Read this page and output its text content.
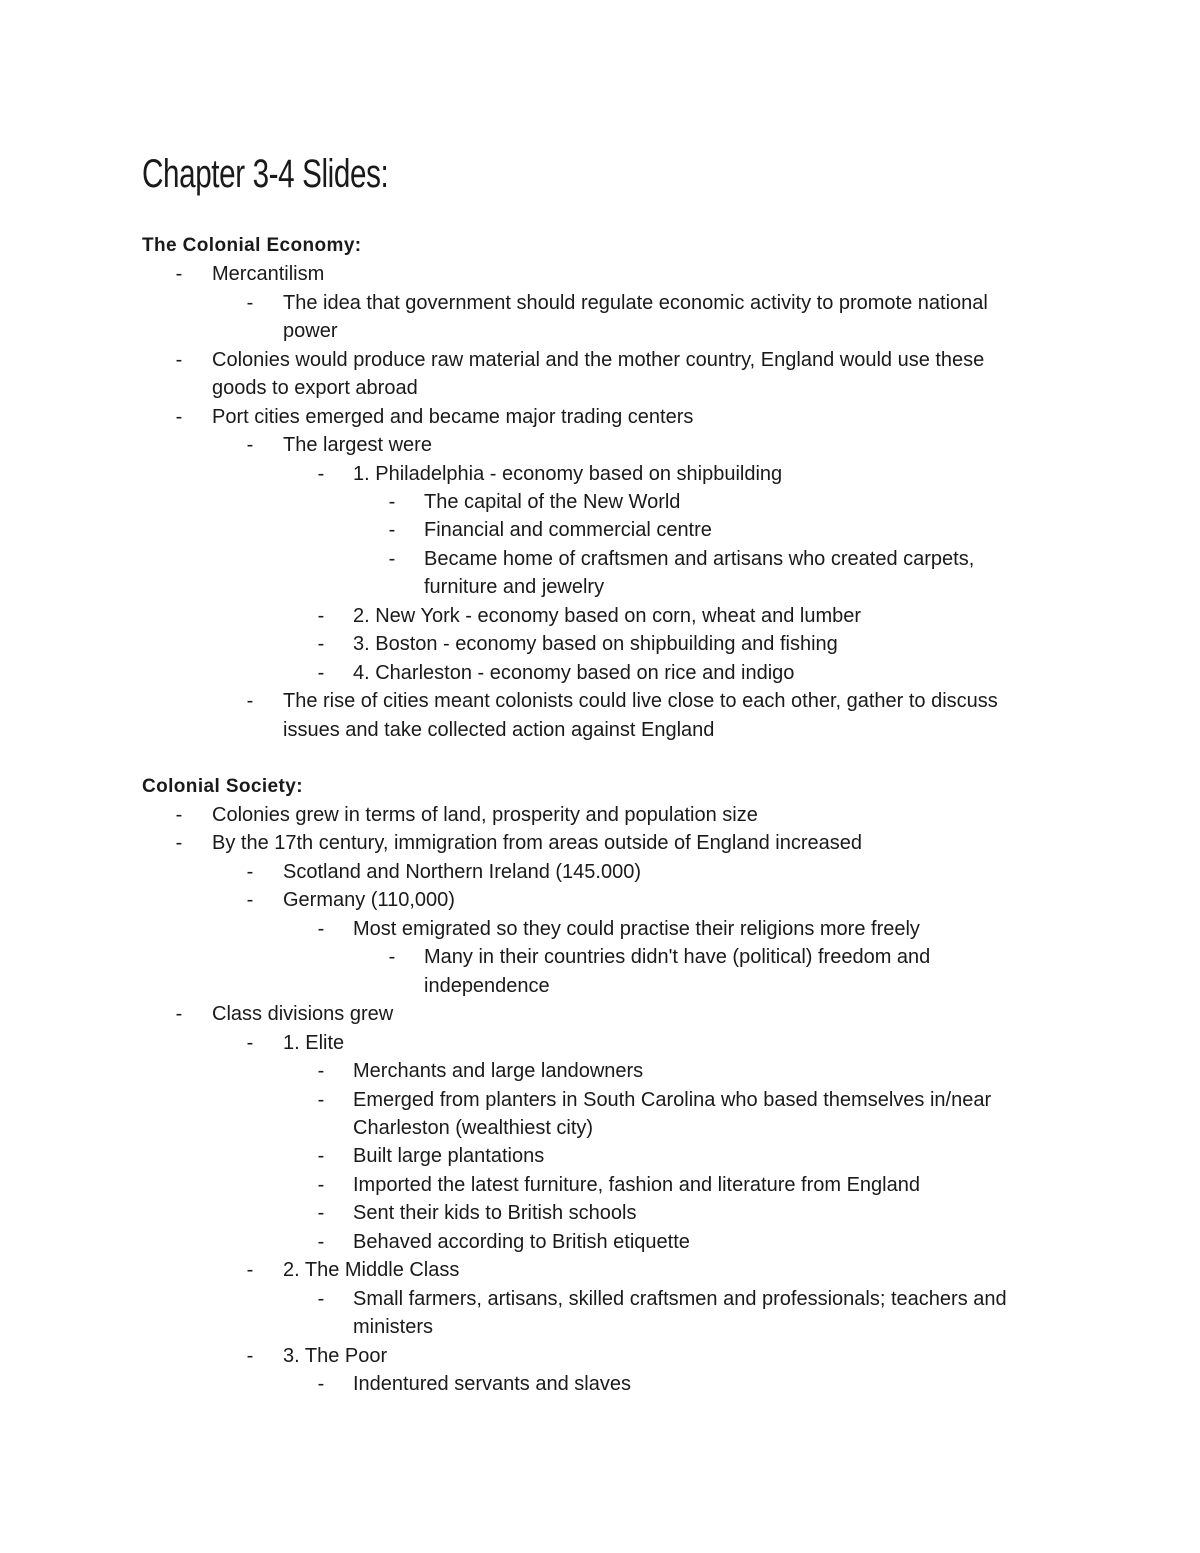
Chapter 3-4 Slides:
The Colonial Economy:
- Mercantilism
- The idea that government should regulate economic activity to promote national
power
- Colonies would produce raw material and the mother country, England would use these
goods to export abroad
- Port cities emerged and became major trading centers
- The largest were
- 1. Philadelphia - economy based on shipbuilding
- The capital of the New World
- Financial and commercial centre
- Became home of craftsmen and artisans who created carpets,
furniture and jewelry
- 2. New York - economy based on corn, wheat and lumber
- 3. Boston - economy based on shipbuilding and fishing
- 4. Charleston - economy based on rice and indigo
- The rise of cities meant colonists could live close to each other, gather to discuss
issues and take collected action against England
Colonial Society:
- Colonies grew in terms of land, prosperity and population size
- By the 17th century, immigration from areas outside of England increased
- Scotland and Northern Ireland (145.000)
- Germany (110,000)
- Most emigrated so they could practise their religions more freely
- Many in their countries didn't have (political) freedom and
independence
- Class divisions grew
- 1. Elite
- Merchants and large landowners
- Emerged from planters in South Carolina who based themselves in/near
Charleston (wealthiest city)
- Built large plantations
- Imported the latest furniture, fashion and literature from England
- Sent their kids to British schools
- Behaved according to British etiquette
- 2. The Middle Class
- Small farmers, artisans, skilled craftsmen and professionals; teachers and
ministers
- 3. The Poor
- Indentured servants and slaves
